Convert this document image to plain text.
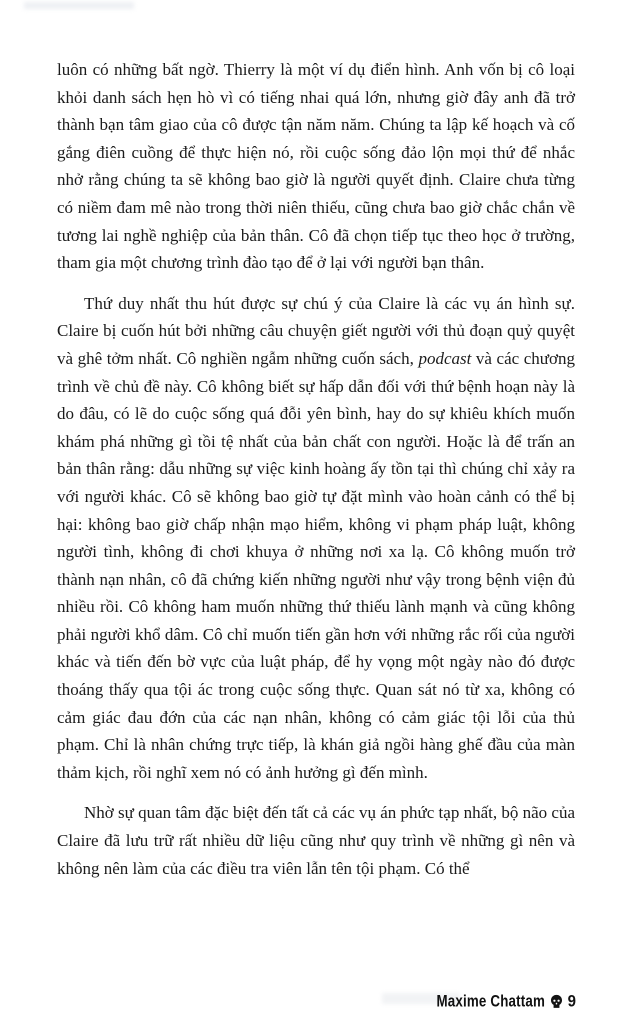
luôn có những bất ngờ. Thierry là một ví dụ điển hình. Anh vốn bị cô loại khỏi danh sách hẹn hò vì có tiếng nhai quá lớn, nhưng giờ đây anh đã trở thành bạn tâm giao của cô được tận năm năm. Chúng ta lập kế hoạch và cố gắng điên cuồng để thực hiện nó, rồi cuộc sống đảo lộn mọi thứ để nhắc nhở rằng chúng ta sẽ không bao giờ là người quyết định. Claire chưa từng có niềm đam mê nào trong thời niên thiếu, cũng chưa bao giờ chắc chắn về tương lai nghề nghiệp của bản thân. Cô đã chọn tiếp tục theo học ở trường, tham gia một chương trình đào tạo để ở lại với người bạn thân.

Thứ duy nhất thu hút được sự chú ý của Claire là các vụ án hình sự. Claire bị cuốn hút bởi những câu chuyện giết người với thủ đoạn quỷ quyệt và ghê tởm nhất. Cô nghiền ngẫm những cuốn sách, podcast và các chương trình về chủ đề này. Cô không biết sự hấp dẫn đối với thứ bệnh hoạn này là do đâu, có lẽ do cuộc sống quá đỗi yên bình, hay do sự khiêu khích muốn khám phá những gì tồi tệ nhất của bản chất con người. Hoặc là để trấn an bản thân rằng: dẫu những sự việc kinh hoàng ấy tồn tại thì chúng chỉ xảy ra với người khác. Cô sẽ không bao giờ tự đặt mình vào hoàn cảnh có thể bị hại: không bao giờ chấp nhận mạo hiểm, không vi phạm pháp luật, không người tình, không đi chơi khuya ở những nơi xa lạ. Cô không muốn trở thành nạn nhân, cô đã chứng kiến những người như vậy trong bệnh viện đủ nhiều rồi. Cô không ham muốn những thứ thiếu lành mạnh và cũng không phải người khổ dâm. Cô chỉ muốn tiến gần hơn với những rắc rối của người khác và tiến đến bờ vực của luật pháp, để hy vọng một ngày nào đó được thoáng thấy qua tội ác trong cuộc sống thực. Quan sát nó từ xa, không có cảm giác đau đớn của các nạn nhân, không có cảm giác tội lỗi của thủ phạm. Chỉ là nhân chứng trực tiếp, là khán giả ngồi hàng ghế đầu của màn thảm kịch, rồi nghĩ xem nó có ảnh hưởng gì đến mình.

Nhờ sự quan tâm đặc biệt đến tất cả các vụ án phức tạp nhất, bộ não của Claire đã lưu trữ rất nhiều dữ liệu cũng như quy trình về những gì nên và không nên làm của các điều tra viên lẫn tên tội phạm. Có thể

Maxime Chattam 9
